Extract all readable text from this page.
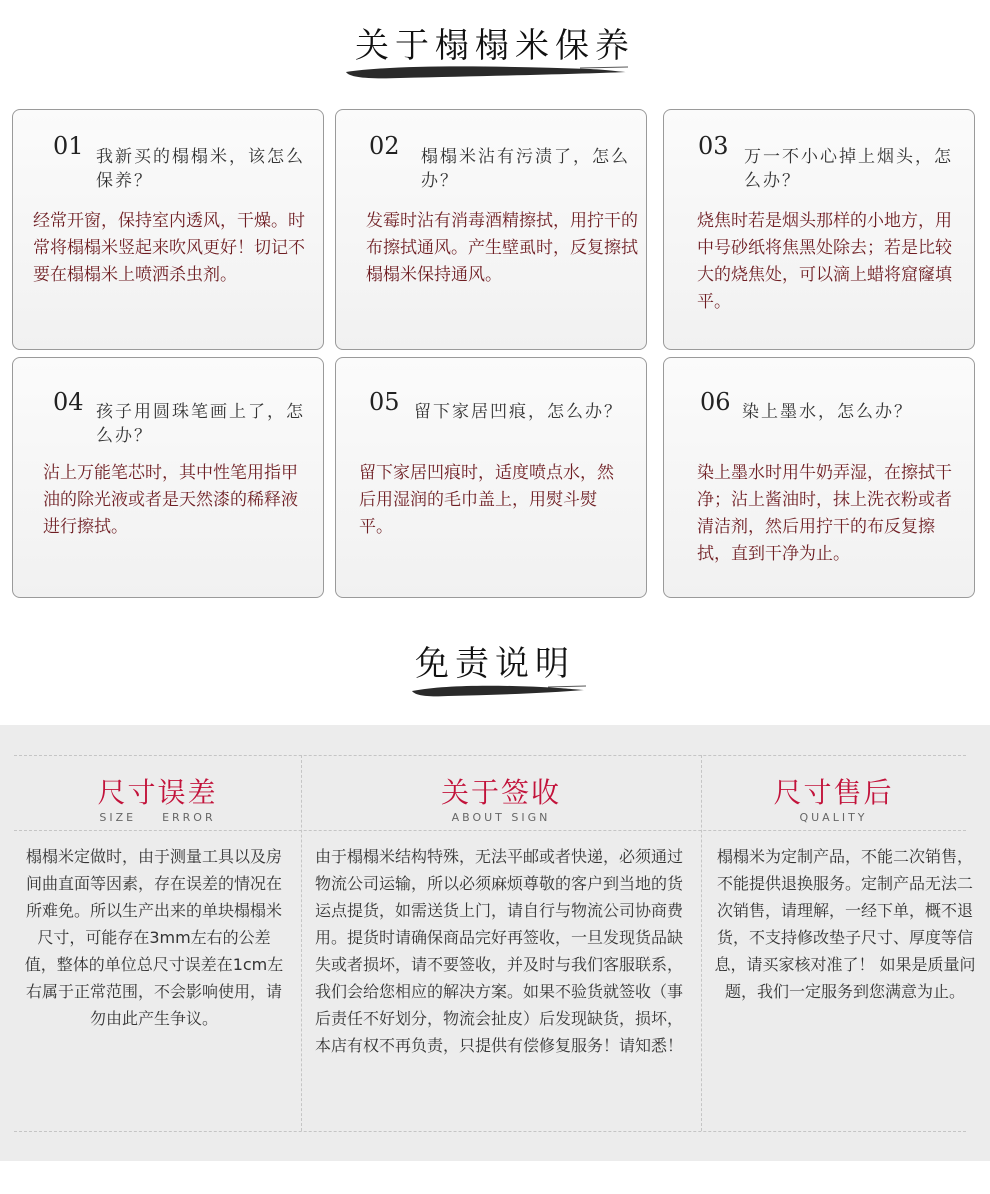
关于榻榻米保养
01 我新买的榻榻米，该怎么保养？
经常开窗，保持室内透风，干燥。时常将榻榻米竖起来吹风更好！切记不要在榻榻米上喷洒杀虫剂。
02 榻榻米沾有污渍了，怎么办？
发霉时沾有消毒酒精擦拭，用拧干的布擦拭通风。产生壁虱时，反复擦拭榻榻米保持通风。
03 万一不小心掉上烟头，怎么办？
烧焦时若是烟头那样的小地方，用中号砂纸将焦黑处除去；若是比较大的烧焦处，可以滴上蜡将窟窿填平。
04 孩子用圆珠笔画上了，怎么办？
沾上万能笔芯时，其中性笔用指甲油的除光液或者是天然漆的稀释液进行擦拭。
05 留下家居凹痕，怎么办？
留下家居凹痕时，适度喷点水，然后用湿润的毛巾盖上，用熨斗熨平。
06 染上墨水，怎么办？
染上墨水时用牛奶弄湿，在擦拭干净；沾上酱油时，抹上洗衣粉或者清洁剂，然后用拧干的布反复擦拭，直到干净为止。
免责说明
尺寸误差
SIZE    ERROR
榻榻米定做时，由于测量工具以及房间曲直面等因素，存在误差的情况在所难免。所以生产出来的单块榻榻米尺寸，可能存在3mm左右的公差值，整体的单位总尺寸误差在1cm左右属于正常范围，不会影响使用，请勿由此产生争议。
关于签收
ABOUT SIGN
由于榻榻米结构特殊，无法平邮或者快递，必须通过物流公司运输，所以必须麻烦尊敬的客户到当地的货运点提货，如需送货上门，请自行与物流公司协商费用。提货时请确保商品完好再签收，一旦发现货品缺失或者损坏，请不要签收，并及时与我们客服联系，我们会给您相应的解决方案。如果不验货就签收（事后责任不好划分，物流会扯皮）后发现缺货，损坏，本店有权不再负责，只提供有偿修复服务！请知悉！
尺寸售后
QUALITY
榻榻米为定制产品，不能二次销售，不能提供退换服务。定制产品无法二次销售，请理解，一经下单，概不退货，不支持修改垫子尺寸、厚度等信息，请买家核对准了！ 如果是质量问题，我们一定服务到您满意为止。
